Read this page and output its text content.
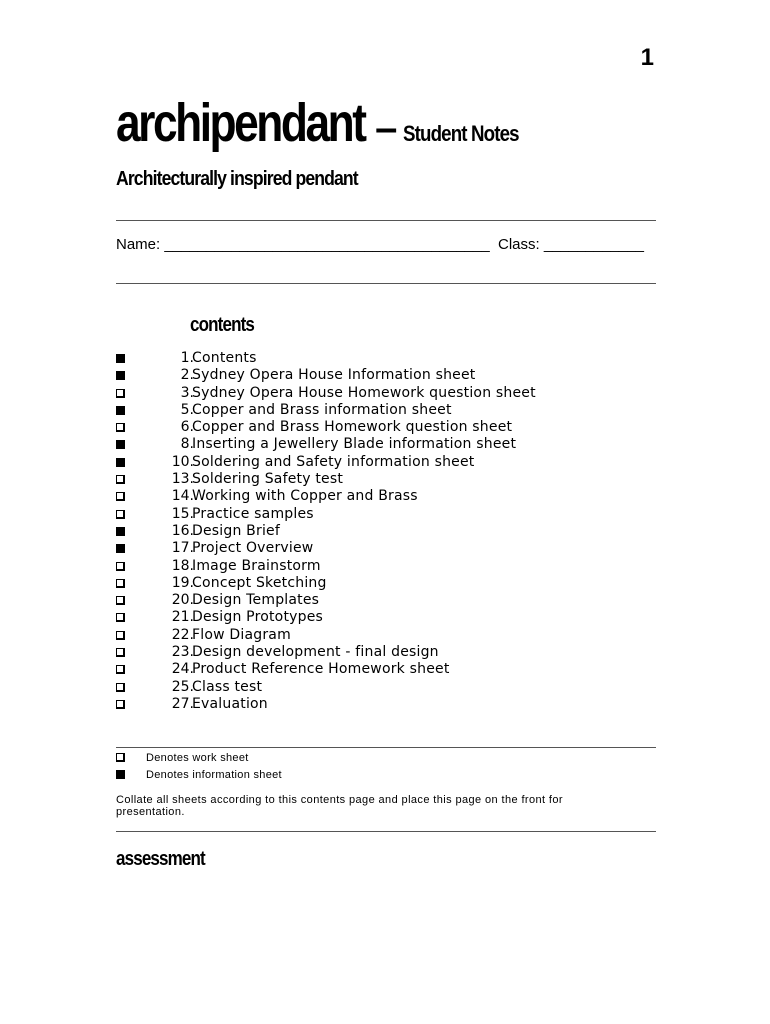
1
archipendant – Student Notes
Architecturally inspired pendant
Name: _______________________________________ Class: ____________
contents
1.
Contents
2.
Sydney Opera House Information sheet
3.
Sydney Opera House Homework question sheet
5.
Copper and Brass information sheet
6.
Copper and Brass Homework question sheet
8.
Inserting a Jewellery Blade information sheet
10.
Soldering and Safety information sheet
13.
Soldering Safety test
14.
Working with Copper and Brass
15.
Practice samples
16.
Design Brief
17.
Project Overview
18.
Image Brainstorm
19.
Concept Sketching
20.
Design Templates
21.
Design Prototypes
22.
Flow Diagram
23.
Design development - final design
24.
Product Reference Homework sheet
25.
Class test
27.
Evaluation
Denotes work sheet
Denotes information sheet
Collate all sheets according to this contents page and place this page on the front for presentation.
assessment
